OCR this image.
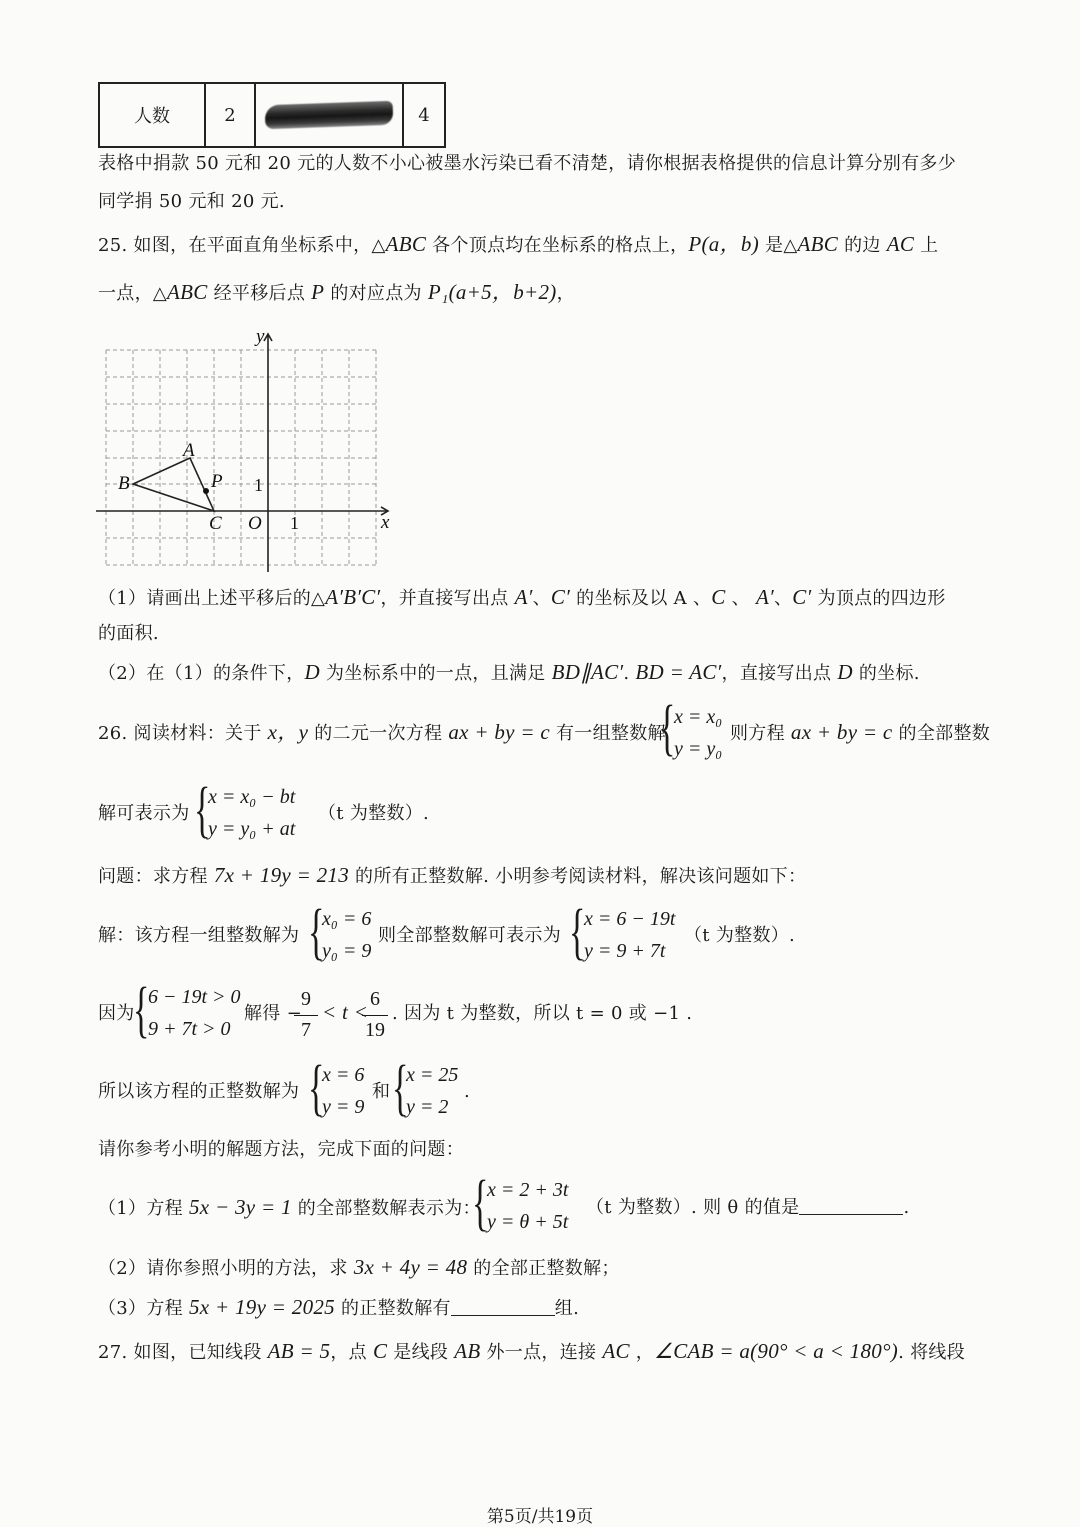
人数	2		4
表格中捐款 50 元和 20 元的人数不小心被墨水污染已看不清楚，请你根据表格提供的信息计算分别有多少
同学捐 50 元和 20 元.
25. 如图，在平面直角坐标系中，△ABC 各个顶点均在坐标系的格点上，P(a，b) 是△ABC 的边 AC 上
一点，△ABC 经平移后点 P 的对应点为 P₁(a+5，b+2)，
y
x
O
A
B
C
P
1
1
（1）请画出上述平移后的△A′B′C′，并直接写出点 A′、C′ 的坐标及以 A 、C 、 A′、C′ 为顶点的四边形
的面积.
（2）在（1）的条件下，D 为坐标系中的一点，且满足 BD∥AC′. BD = AC′，直接写出点 D 的坐标.
26. 阅读材料：关于 x，y 的二元一次方程 ax + by = c 有一组整数解
{
x = x₀
y = y₀
则方程 ax + by = c 的全部整数
解可表示为 {
x = x₀ − bt
y = y₀ + at
（t 为整数）.
问题：求方程 7x + 19y = 213 的所有正整数解. 小明参考阅读材料，解决该问题如下：
解：该方程一组整数解为 {
x₀ = 6
y₀ = 9
则全部整数解可表示为 {
x = 6 − 19t
y = 9 + 7t
（t 为整数）.
因为
{
6 − 19t > 0
9 + 7t > 0
解得 −
9
7
< t <
6
19
. 因为 t 为整数，所以 t = 0 或 −1 .
所以该方程的正整数解为 {
x = 6
y = 9
和 {
x = 25
y = 2
.
请你参考小明的解题方法，完成下面的问题：
（1）方程 5x − 3y = 1 的全部整数解表示为：
{
x = 2 + 3t
y = θ + 5t
（t 为整数）. 则 θ 的值是	.
（2）请你参照小明的方法，求 3x + 4y = 48 的全部正整数解；
（3）方程 5x + 19y = 2025 的正整数解有	组.
27. 如图，已知线段 AB = 5，点 C 是线段 AB 外一点，连接 AC ，∠CAB = a(90° < a < 180°). 将线段
第5页/共19页
